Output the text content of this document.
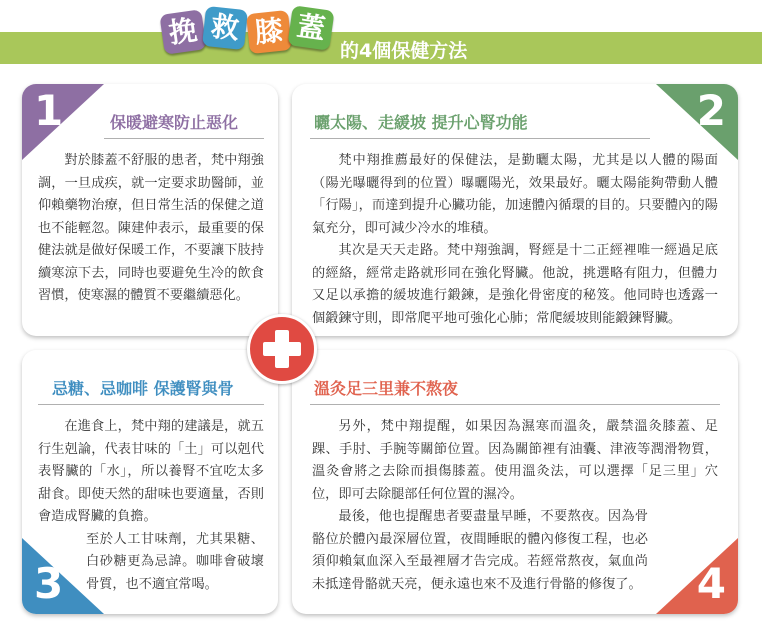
挽 救 膝 蓋
的4個保健方法
1	保暖避寒防止惡化

對於膝蓋不舒服的患者，梵中翔強調，一旦成疾，就一定要求助醫師，並仰賴藥物治療，但日常生活的保健之道也不能輕忽。陳建仲表示，最重要的保健法就是做好保暖工作，不要讓下肢持續寒涼下去，同時也要避免生冷的飲食習慣，使寒濕的體質不要繼續惡化。

2
曬太陽、走緩坡 提升心腎功能

梵中翔推薦最好的保健法，是勤曬太陽，尤其是以人體的陽面（陽光曝曬得到的位置）曝曬陽光，效果最好。曬太陽能夠帶動人體「行陽」，而達到提升心臟功能，加速體內循環的目的。只要體內的陽氣充分，即可減少冷水的堆積。

其次是天天走路。梵中翔強調，腎經是十二正經裡唯一經過足底的經絡，經常走路就形同在強化腎臟。他說，挑選略有阻力，但體力又足以承擔的緩坡進行鍛鍊，是強化骨密度的秘笈。他同時也透露一個鍛鍊守則，即常爬平地可強化心肺；常爬緩坡則能鍛鍊腎臟。

3
忌糖、忌咖啡 保護腎與骨

在進食上，梵中翔的建議是，就五行生剋論，代表甘味的「土」可以剋代表腎臟的「水」，所以養腎不宜吃太多甜食。即使天然的甜味也要適量，否則會造成腎臟的負擔。

至於人工甘味劑，尤其果糖、白砂糖更為忌諱。咖啡會破壞骨質，也不適宜常喝。	4
溫灸足三里兼不熬夜

另外，梵中翔提醒，如果因為濕寒而溫灸，嚴禁溫灸膝蓋、足踝、手肘、手腕等關節位置。因為關節裡有油囊、津液等潤滑物質，溫灸會將之去除而損傷膝蓋。使用溫灸法，可以選擇「足三里」穴位，即可去除腿部任何位置的濕冷。

最後，他也提醒患者要盡量早睡，不要熬夜。因為骨骼位於體內最深層位置，夜間睡眠的體內修復工程，也必須仰賴氣血深入至最裡層才告完成。若經常熬夜，氣血尚未抵達骨骼就天亮，便永遠也來不及進行骨骼的修復了。
